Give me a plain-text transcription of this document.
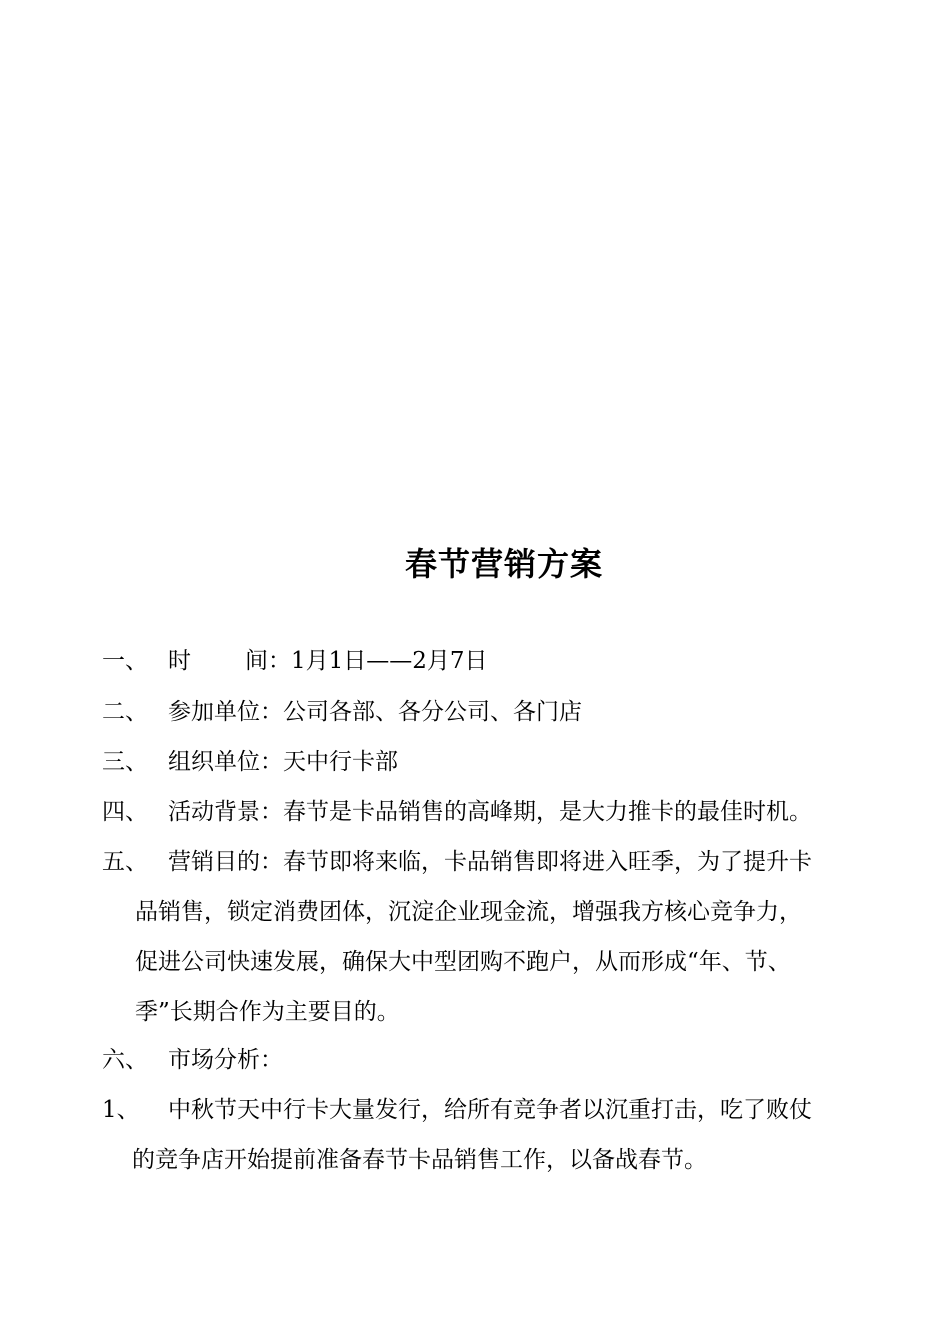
春节营销方案
一、 时 间：1月1日——2月7日
二、 参加单位：公司各部、各分公司、各门店
三、 组织单位：天中行卡部
四、 活动背景：春节是卡品销售的高峰期，是大力推卡的最佳时机。
五、 营销目的：春节即将来临，卡品销售即将进入旺季，为了提升卡
品销售，锁定消费团体，沉淀企业现金流，增强我方核心竞争力，
促进公司快速发展，确保大中型团购不跑户，从而形成“年、节、
季”长期合作为主要目的。
六、 市场分析：
1、	中秋节天中行卡大量发行，给所有竞争者以沉重打击，吃了败仗
的竞争店开始提前准备春节卡品销售工作，以备战春节。
